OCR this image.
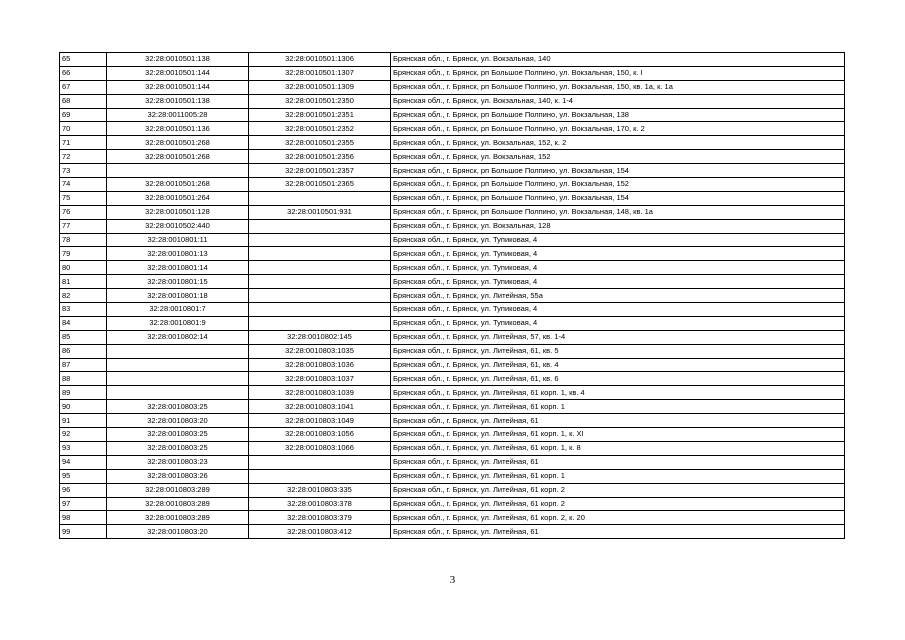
65	32:28:0010501:138	32:28:0010501:1306	Брянская обл., г. Брянск, ул. Вокзальная, 140
66	32:28:0010501:144	32:28:0010501:1307	Брянская обл., г. Брянск, рп Большое Полпино, ул. Вокзальная, 150, к. I
67	32:28:0010501:144	32:28:0010501:1309	Брянская обл., г. Брянск, рп Большое Полпино, ул. Вокзальная, 150, кв. 1а, к. 1а
68	32:28:0010501:138	32:28:0010501:2350	Брянская обл., г. Брянск, ул. Вокзальная, 140, к. 1-4
69	32:28:0011005:28	32:28:0010501:2351	Брянская обл., г. Брянск, рп Большое Полпино, ул. Вокзальная, 138
70	32:28:0010501:136	32:28:0010501:2352	Брянская обл., г. Брянск, рп Большое Полпино, ул. Вокзальная, 170, к. 2
71	32:28:0010501:268	32:28:0010501:2355	Брянская обл., г. Брянск, ул. Вокзальная, 152, к. 2
72	32:28:0010501:268	32:28:0010501:2356	Брянская обл., г. Брянск, ул. Вокзальная, 152
73		32:28:0010501:2357	Брянская обл., г. Брянск, рп Большое Полпино, ул. Вокзальная, 154
74	32:28:0010501:268	32:28:0010501:2365	Брянская обл., г. Брянск, рп Большое Полпино, ул. Вокзальная, 152
75	32:28:0010501:264		Брянская обл., г. Брянск, рп Большое Полпино, ул. Вокзальная, 154
76	32:28:0010501:128	32:28:0010501:931	Брянская обл., г. Брянск, рп Большое Полпино, ул. Вокзальная, 148, кв. 1а
77	32:28:0010502:440		Брянская обл., г. Брянск, ул. Вокзальная, 128
78	32:28:0010801:11		Брянская обл., г. Брянск, ул. Тупиковая, 4
79	32:28:0010801:13		Брянская обл., г. Брянск, ул. Тупиковая, 4
80	32:28:0010801:14		Брянская обл., г. Брянск, ул. Тупиковая, 4
81	32:28:0010801:15		Брянская обл., г. Брянск, ул. Тупиковая, 4
82	32:28:0010801:18		Брянская обл., г. Брянск, ул. Литейная, 55а
83	32:28:0010801:7		Брянская обл., г. Брянск, ул. Тупиковая, 4
84	32:28:0010801:9		Брянская обл., г. Брянск, ул. Тупиковая, 4
85	32:28:0010802:14	32:28:0010802:145	Брянская обл., г. Брянск, ул. Литейная, 57, кв. 1-4
86		32:28:0010803:1035	Брянская обл., г. Брянск, ул. Литейная, 61, кв. 5
87		32:28:0010803:1036	Брянская обл., г. Брянск, ул. Литейная, 61, кв. 4
88		32:28:0010803:1037	Брянская обл., г. Брянск, ул. Литейная, 61, кв. 6
89		32:28:0010803:1039	Брянская обл., г. Брянск, ул. Литейная, 61 корп. 1, кв. 4
90	32:28:0010803:25	32:28:0010803:1041	Брянская обл., г. Брянск, ул. Литейная, 61 корп. 1
91	32:28:0010803:20	32:28:0010803:1049	Брянская обл., г. Брянск, ул. Литейная, 61
92	32:28:0010803:25	32:28:0010803:1056	Брянская обл., г. Брянск, ул. Литейная, 61 корп. 1, к. XI
93	32:28:0010803:25	32:28:0010803:1066	Брянская обл., г. Брянск, ул. Литейная, 61 корп. 1, к. 8
94	32:28:0010803:23		Брянская обл., г. Брянск, ул. Литейная, 61
95	32:28:0010803:26		Брянская обл., г. Брянск, ул. Литейная, 61 корп. 1
96	32:28:0010803:289	32:28:0010803:335	Брянская обл., г. Брянск, ул. Литейная, 61 корп. 2
97	32:28:0010803:289	32:28:0010803:378	Брянская обл., г. Брянск, ул. Литейная, 61 корп. 2
98	32:28:0010803:289	32:28:0010803:379	Брянская обл., г. Брянск, ул. Литейная, 61 корп. 2, к. 20
99	32:28:0010803:20	32:28:0010803:412	Брянская обл., г. Брянск, ул. Литейная, 61
3
